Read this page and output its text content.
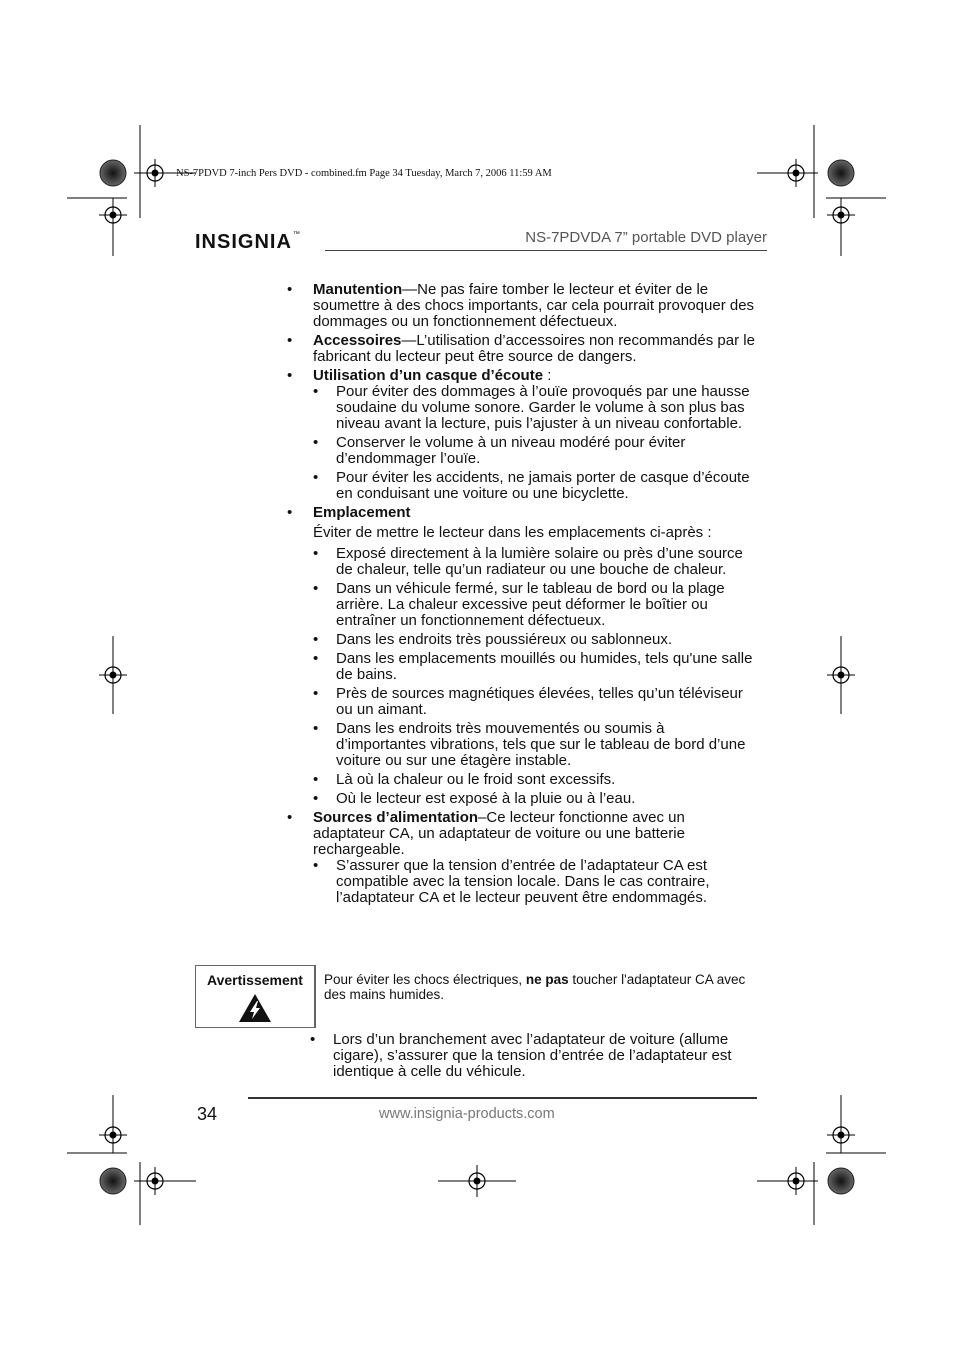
NS-7PDVD 7-inch Pers DVD - combined.fm Page 34 Tuesday, March 7, 2006 11:59 AM
INSIGNIA™	NS-7PDVDA 7” portable DVD player
• Manutention—Ne pas faire tomber le lecteur et éviter de le soumettre à des chocs importants, car cela pourrait provoquer des dommages ou un fonctionnement défectueux.
• Accessoires—L’utilisation d’accessoires non recommandés par le fabricant du lecteur peut être source de dangers.
• Utilisation d’un casque d’écoute :
• Pour éviter des dommages à l’ouïe provoqués par une hausse soudaine du volume sonore. Garder le volume à son plus bas niveau avant la lecture, puis l’ajuster à un niveau confortable.
• Conserver le volume à un niveau modéré pour éviter d’endommager l’ouïe.
• Pour éviter les accidents, ne jamais porter de casque d’écoute en conduisant une voiture ou une bicyclette.
• Emplacement
Éviter de mettre le lecteur dans les emplacements ci-après :
• Exposé directement à la lumière solaire ou près d’une source de chaleur, telle qu’un radiateur ou une bouche de chaleur.
• Dans un véhicule fermé, sur le tableau de bord ou la plage arrière. La chaleur excessive peut déformer le boîtier ou entraîner un fonctionnement défectueux.
• Dans les endroits très poussiéreux ou sablonneux.
• Dans les emplacements mouillés ou humides, tels qu'une salle de bains.
• Près de sources magnétiques élevées, telles qu’un téléviseur ou un aimant.
• Dans les endroits très mouvementés ou soumis à d’importantes vibrations, tels que sur le tableau de bord d’une voiture ou sur une étagère instable.
• Là où la chaleur ou le froid sont excessifs.
• Où le lecteur est exposé à la pluie ou à l’eau.
• Sources d’alimentation–Ce lecteur fonctionne avec un adaptateur CA, un adaptateur de voiture ou une batterie rechargeable.
• S’assurer que la tension d’entrée de l’adaptateur CA est compatible avec la tension locale. Dans le cas contraire, l’adaptateur CA et le lecteur peuvent être endommagés.
Avertissement	Pour éviter les chocs électriques, ne pas toucher l'adaptateur CA avec des mains humides.
• Lors d’un branchement avec l’adaptateur de voiture (allume cigare), s’assurer que la tension d’entrée de l’adaptateur est identique à celle du véhicule.
34	www.insignia-products.com
